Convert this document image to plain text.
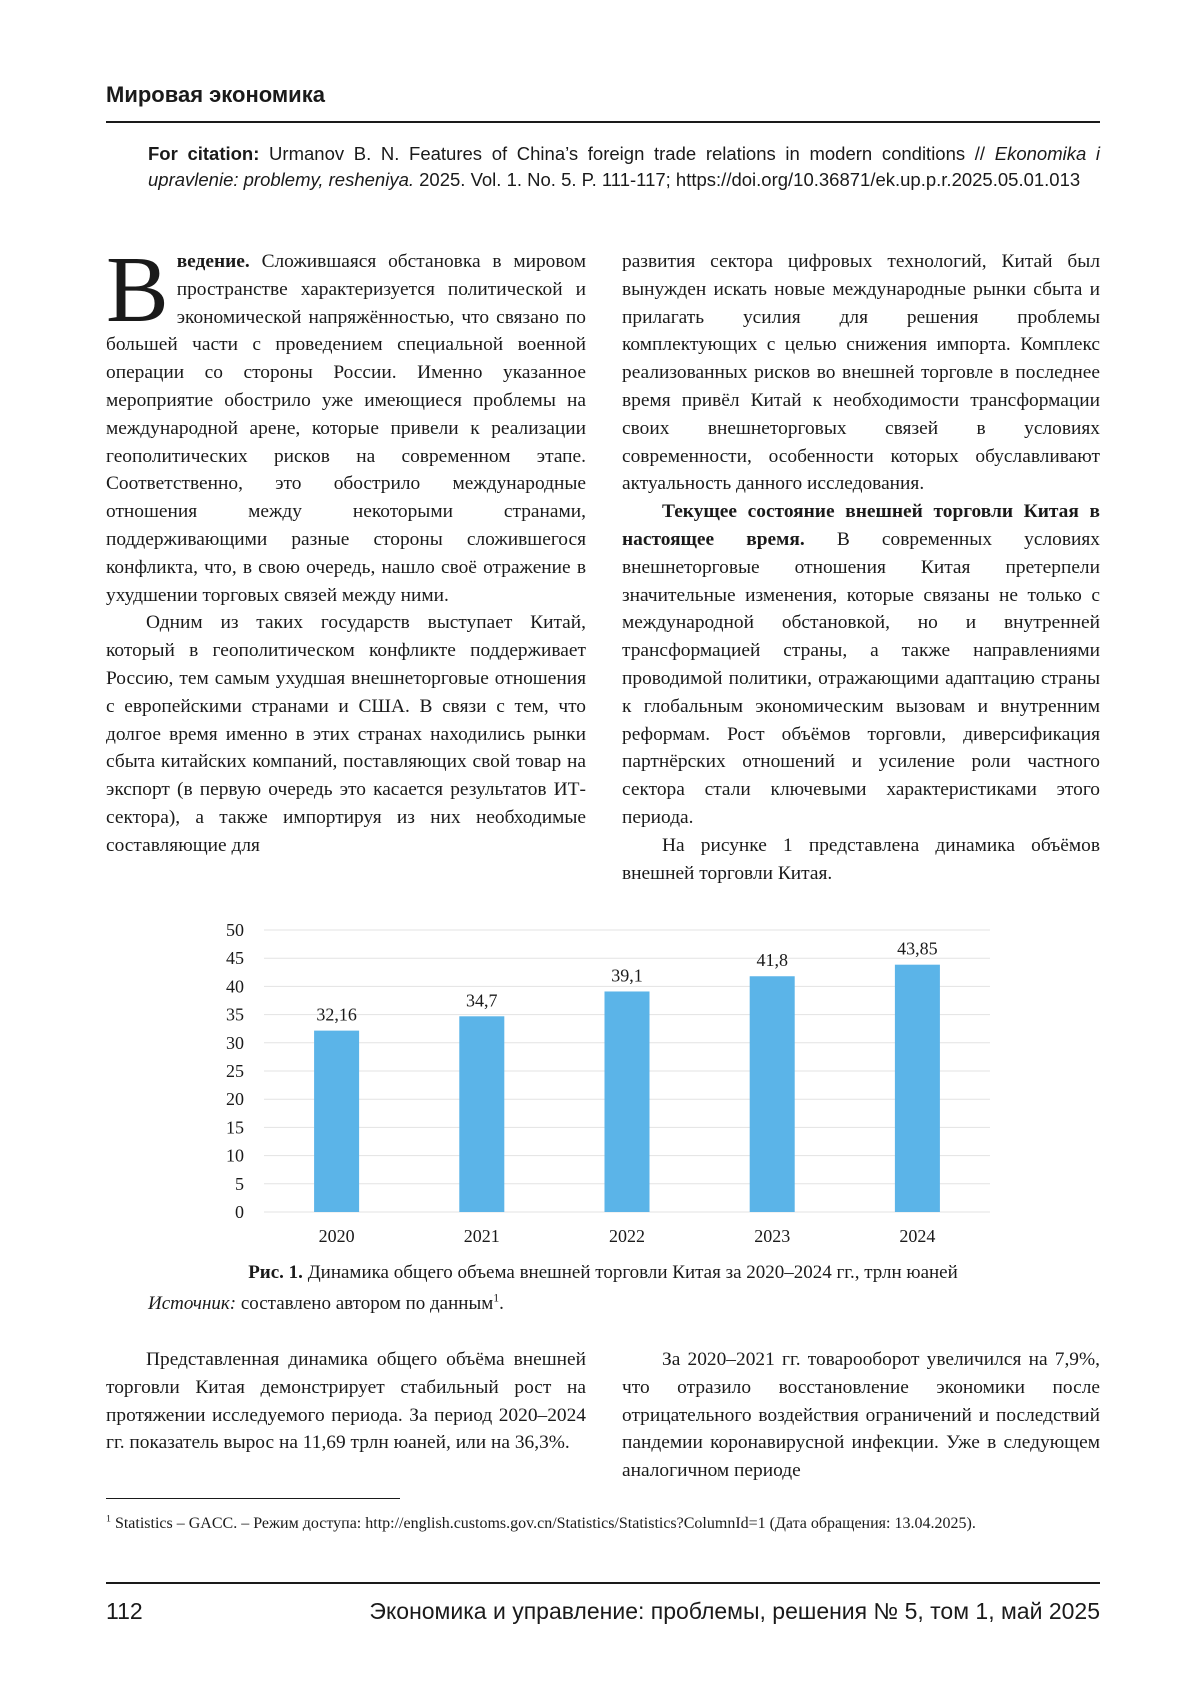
Мировая экономика
For citation: Urmanov B. N. Features of China’s foreign trade relations in modern conditions // Ekonomika i upravlenie: problemy, resheniya. 2025. Vol. 1. No. 5. P. 111-117; https://doi.org/10.36871/ek.up.p.r.2025.05.01.013

В ведение. Сложившаяся обстановка в мировом пространстве характеризуется политической и экономической напряжённостью, что связано по большей части с проведением специальной военной операции со стороны России. Именно указанное мероприятие обострило уже имеющиеся проблемы на международной арене, которые привели к реализации геополитических рисков на современном этапе. Соответственно, это обострило международные отношения между некоторыми странами, поддерживающими разные стороны сложившегося конфликта, что, в свою очередь, нашло своё отражение в ухудшении торговых связей между ними.

Одним из таких государств выступает Китай, который в геополитическом конфликте поддерживает Россию, тем самым ухудшая внешнеторговые отношения с европейскими странами и США. В связи с тем, что долгое время именно в этих странах находились рынки сбыта китайских компаний, поставляющих свой товар на экспорт (в первую очередь это касается результатов ИТ-сектора), а также импортируя из них необходимые составляющие для

развития сектора цифровых технологий, Китай был вынужден искать новые международные рынки сбыта и прилагать усилия для решения проблемы комплектующих с целью снижения импорта. Комплекс реализованных рисков во внешней торговле в последнее время привёл Китай к необходимости трансформации своих внешнеторговых связей в условиях современности, особенности которых обуславливают актуальность данного исследования.

Текущее состояние внешней торговли Китая в настоящее время. В современных условиях внешнеторговые отношения Китая претерпели значительные изменения, которые связаны не только с международной обстановкой, но и внутренней трансформацией страны, а также направлениями проводимой политики, отражающими адаптацию страны к глобальным экономическим вызовам и внутренним реформам. Рост объёмов торговли, диверсификация партнёрских отношений и усиление роли частного сектора стали ключевыми характеристиками этого периода.

На рисунке 1 представлена динамика объёмов внешней торговли Китая.

0
5
10
15
20
25
30
35
40
45
50
32,16
2020
34,7
2021
39,1
2022
41,8
2023
43,85
2024
Рис. 1. Динамика общего объема внешней торговли Китая за 2020–2024 гг., трлн юаней
Источник: составлено автором по данным1.

Представленная динамика общего объёма внешней торговли Китая демонстрирует стабильный рост на протяжении исследуемого периода. За период 2020–2024 гг. показатель вырос на 11,69 трлн юаней, или на 36,3%.

За 2020–2021 гг. товарооборот увеличился на 7,9%, что отразило восстановление экономики после отрицательного воздействия ограничений и последствий пандемии коронавирусной инфекции. Уже в следующем аналогичном периоде

1 Statistics – GACC. – Режим доступа: http://english.customs.gov.cn/Statistics/Statistics?ColumnId=1 (Дата обращения: 13.04.2025).
112	Экономика и управление: проблемы, решения № 5, том 1, май 2025
